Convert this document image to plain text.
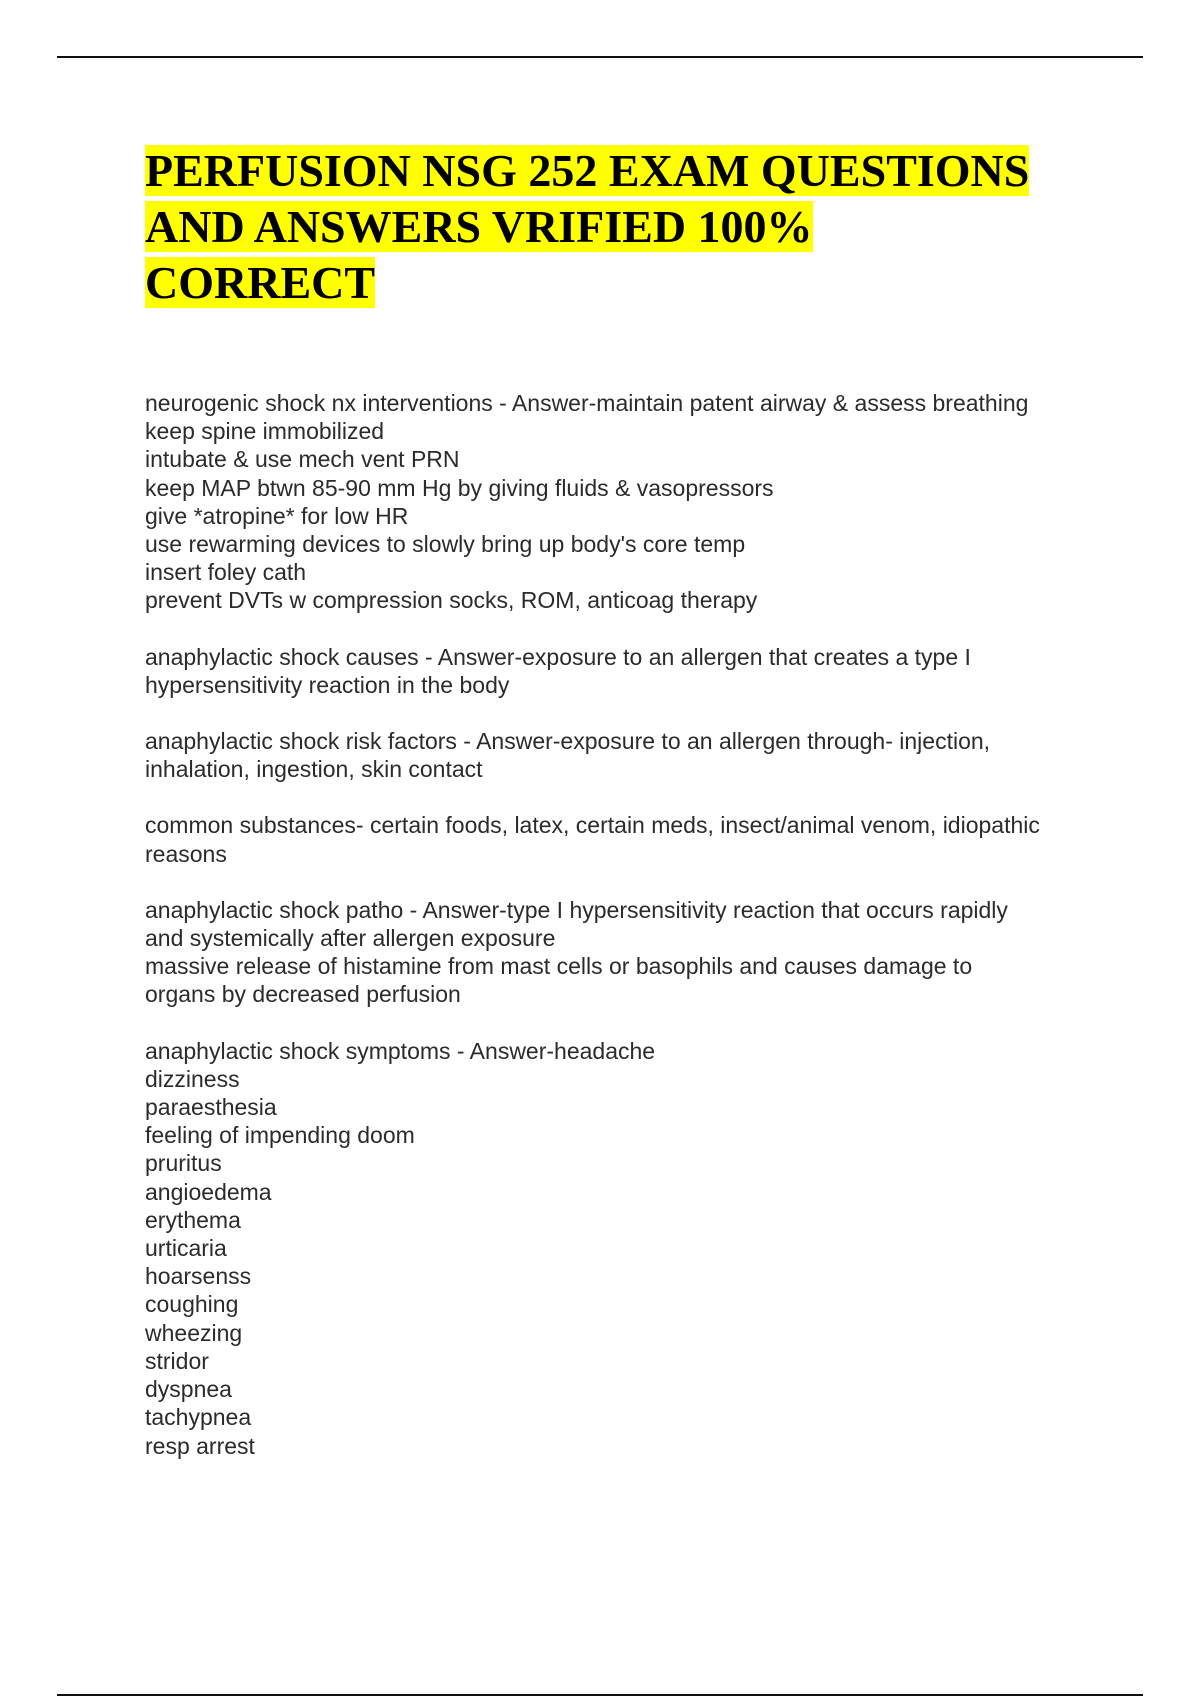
PERFUSION NSG 252 EXAM QUESTIONS
AND ANSWERS VRIFIED 100%
CORRECT
neurogenic shock nx interventions - Answer-maintain patent airway & assess breathing
keep spine immobilized
intubate & use mech vent PRN
keep MAP btwn 85-90 mm Hg by giving fluids & vasopressors
give *atropine* for low HR
use rewarming devices to slowly bring up body's core temp
insert foley cath
prevent DVTs w compression socks, ROM, anticoag therapy
anaphylactic shock causes - Answer-exposure to an allergen that creates a type I
hypersensitivity reaction in the body
anaphylactic shock risk factors - Answer-exposure to an allergen through- injection,
inhalation, ingestion, skin contact
common substances- certain foods, latex, certain meds, insect/animal venom, idiopathic
reasons
anaphylactic shock patho - Answer-type I hypersensitivity reaction that occurs rapidly
and systemically after allergen exposure
massive release of histamine from mast cells or basophils and causes damage to
organs by decreased perfusion
anaphylactic shock symptoms - Answer-headache
dizziness
paraesthesia
feeling of impending doom
pruritus
angioedema
erythema
urticaria
hoarsenss
coughing
wheezing
stridor
dyspnea
tachypnea
resp arrest
